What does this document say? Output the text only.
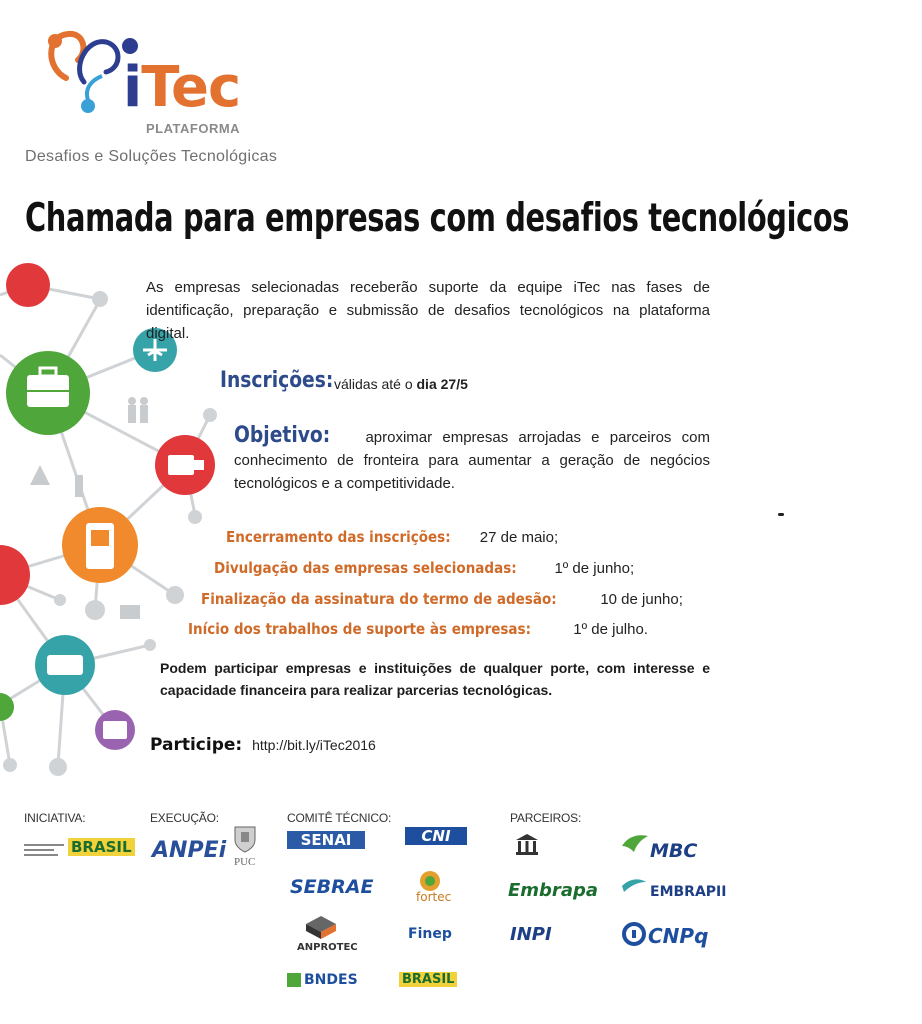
iTec
PLATAFORMA
Desafios e Soluções Tecnológicas
Chamada para empresas com desafios tecnológicos
As empresas selecionadas receberão suporte da equipe iTec nas fases de identificação, preparação e submissão de desafios tecnológicos na plataforma digital.
Inscrições: válidas até o dia 27/5
Objetivo: aproximar empresas arrojadas e parceiros com conhecimento de fronteira para aumentar a geração de negócios tecnológicos e a competitividade.
Encerramento das inscrições: 27 de maio;
Divulgação das empresas selecionadas:	1º de junho;
Finalização da assinatura do termo de adesão:	10 de junho;
Início dos trabalhos de suporte às empresas:	1º de julho.
Podem participar empresas e instituições de qualquer porte, com interesse e capacidade financeira para realizar parcerias tecnológicas.
Participe: http://bit.ly/iTec2016
INICIATIVA:	EXECUÇÃO:	COMITÊ TÉCNICO:	PARCEIROS:
BRASIL ANPEi PUC
SENAI
SEBRAE
ANPROTEC
BNDES
CNI
fortec
Finep
BRASIL
Embrapa
INPI
MBC
EMBRAPII
CNPq
